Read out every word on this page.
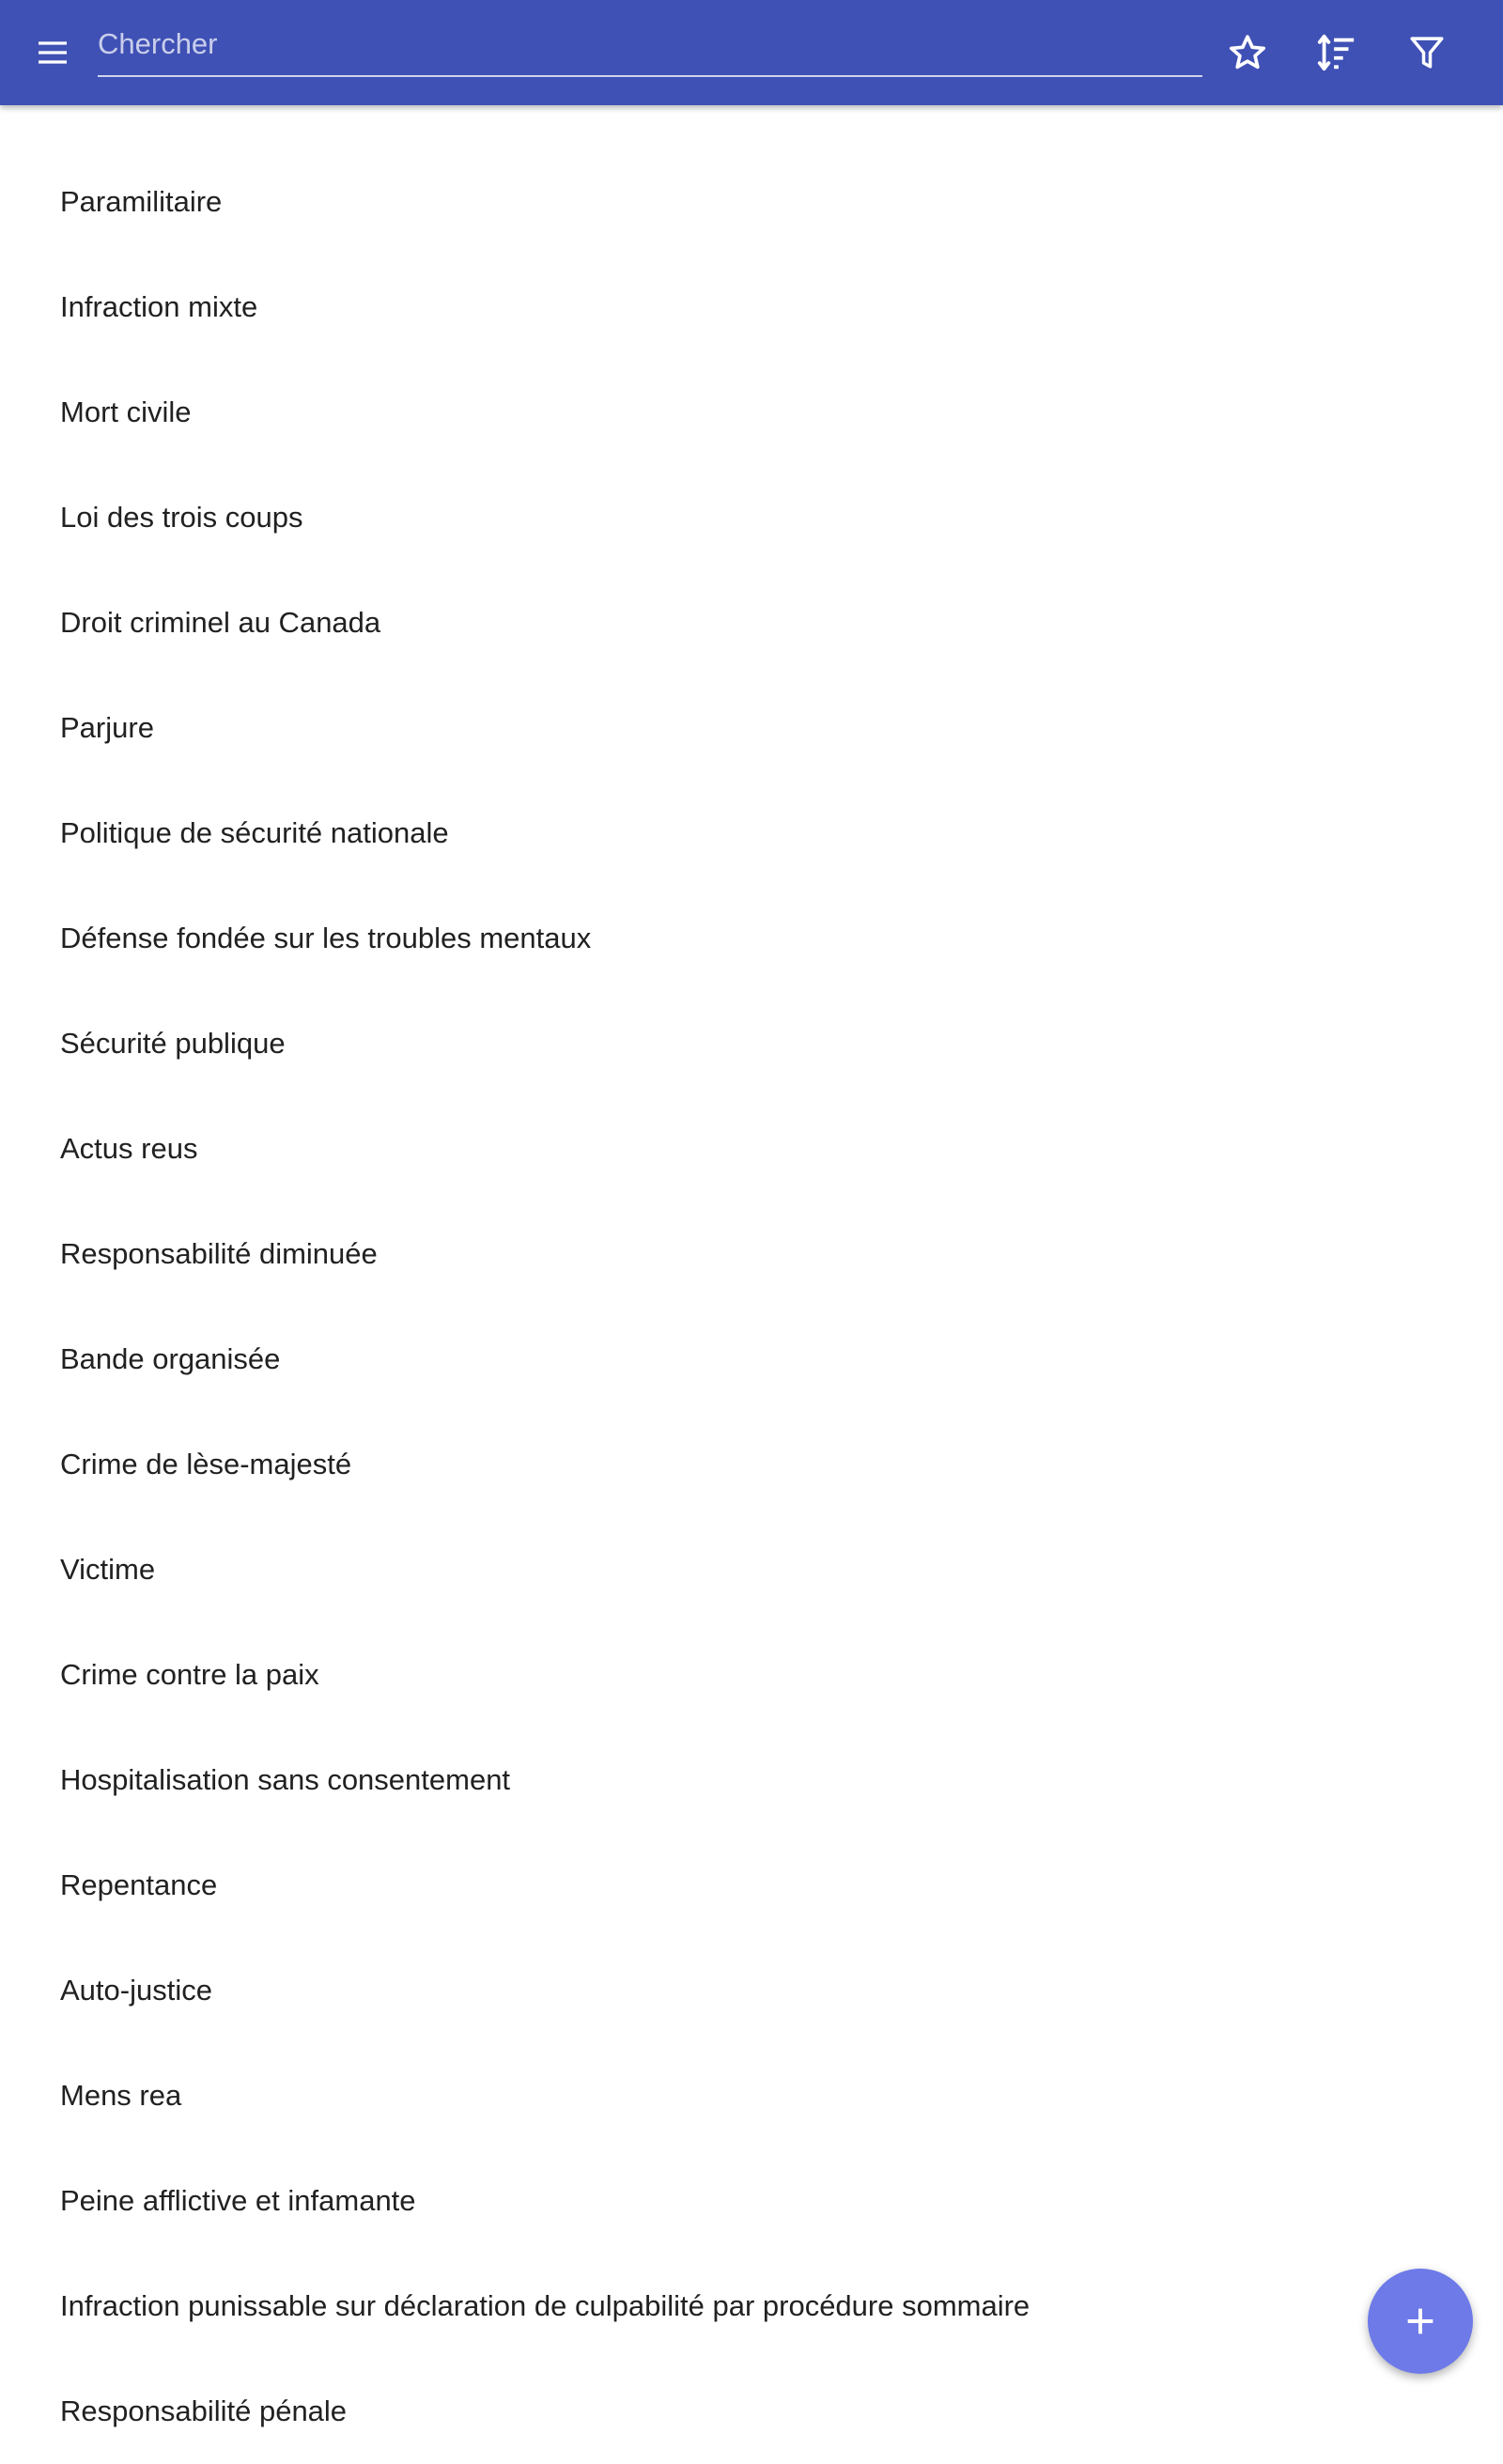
Chercher
Paramilitaire
Infraction mixte
Mort civile
Loi des trois coups
Droit criminel au Canada
Parjure
Politique de sécurité nationale
Défense fondée sur les troubles mentaux
Sécurité publique
Actus reus
Responsabilité diminuée
Bande organisée
Crime de lèse-majesté
Victime
Crime contre la paix
Hospitalisation sans consentement
Repentance
Auto-justice
Mens rea
Peine afflictive et infamante
Infraction punissable sur déclaration de culpabilité par procédure sommaire
Responsabilité pénale
